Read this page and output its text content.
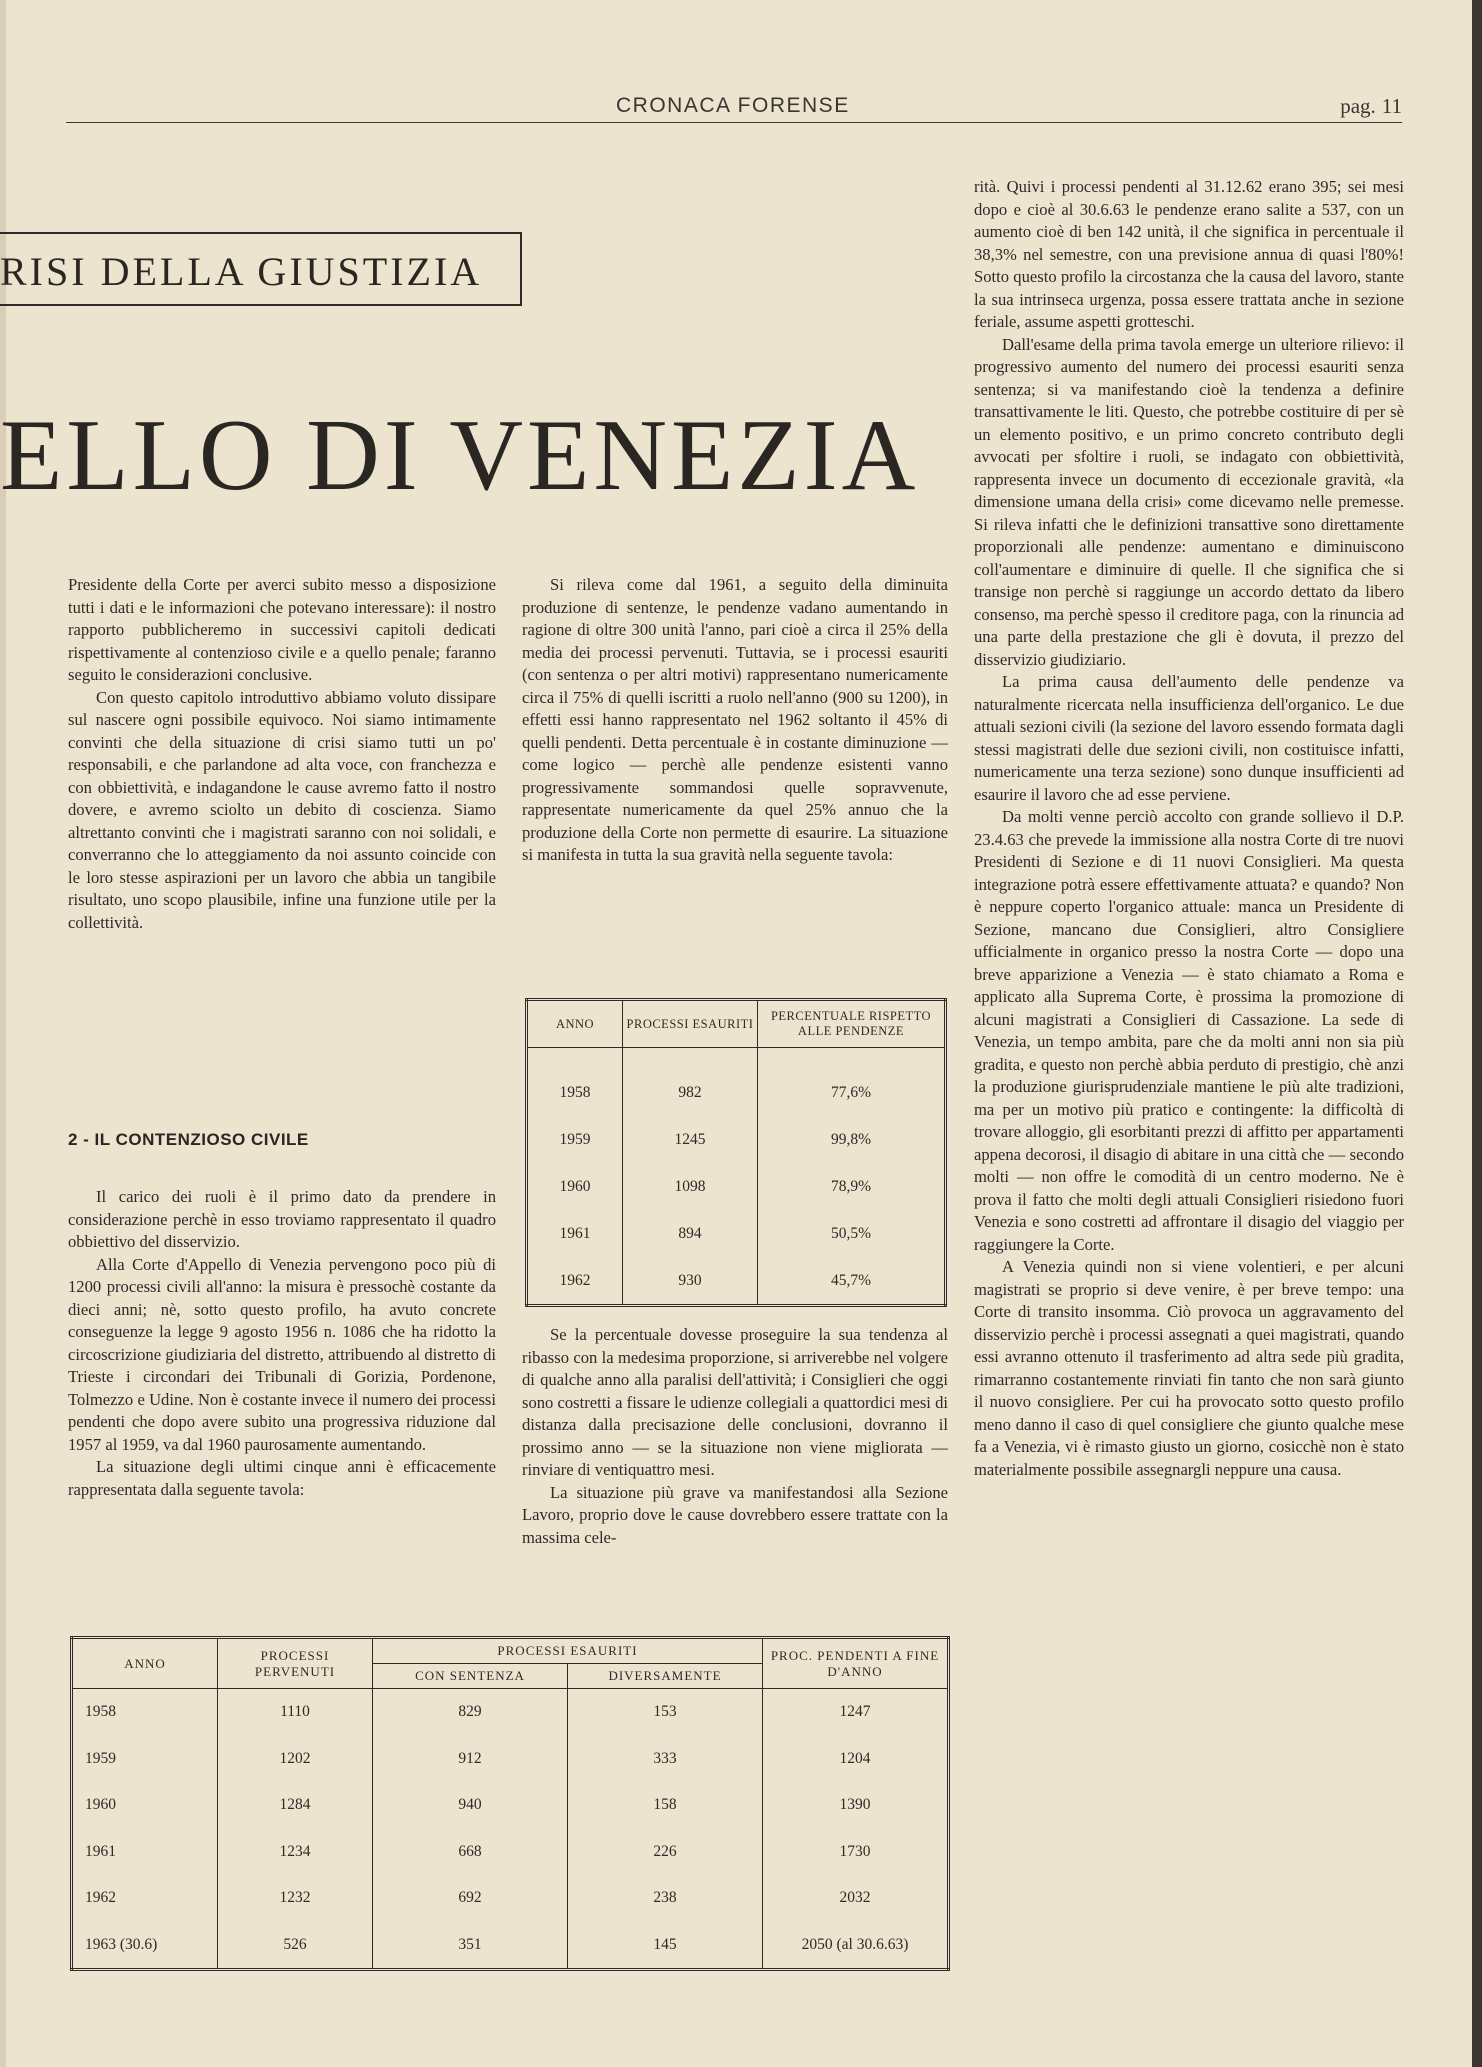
CRONACA FORENSE	pag. 11
RISI DELLA GIUSTIZIA
ELLO DI VENEZIA

Presidente della Corte per averci subito messo a disposizione tutti i dati e le informazioni che potevano interessare): il nostro rapporto pubblicheremo in successivi capitoli dedicati rispettivamente al contenzioso civile e a quello penale; faranno seguito le considerazioni conclusive.

Con questo capitolo introduttivo abbiamo voluto dissipare sul nascere ogni possibile equivoco. Noi siamo intimamente convinti che della situazione di crisi siamo tutti un po' responsabili, e che parlandone ad alta voce, con franchezza e con obbiettività, e indagandone le cause avremo fatto il nostro dovere, e avremo sciolto un debito di coscienza. Siamo altrettanto convinti che i magistrati saranno con noi solidali, e converranno che lo atteggiamento da noi assunto coincide con le loro stesse aspirazioni per un lavoro che abbia un tangibile risultato, uno scopo plausibile, infine una funzione utile per la collettività.

2 - IL CONTENZIOSO CIVILE

Il carico dei ruoli è il primo dato da prendere in considerazione perchè in esso troviamo rappresentato il quadro obbiettivo del disservizio.

Alla Corte d'Appello di Venezia pervengono poco più di 1200 processi civili all'anno: la misura è pressochè costante da dieci anni; nè, sotto questo profilo, ha avuto concrete conseguenze la legge 9 agosto 1956 n. 1086 che ha ridotto la circoscrizione giudiziaria del distretto, attribuendo al distretto di Trieste i circondari dei Tribunali di Gorizia, Pordenone, Tolmezzo e Udine. Non è costante invece il numero dei processi pendenti che dopo avere subito una progressiva riduzione dal 1957 al 1959, va dal 1960 paurosamente aumentando.

La situazione degli ultimi cinque anni è efficacemente rappresentata dalla seguente tavola:

Si rileva come dal 1961, a seguito della diminuita produzione di sentenze, le pendenze vadano aumentando in ragione di oltre 300 unità l'anno, pari cioè a circa il 25% della media dei processi pervenuti. Tuttavia, se i processi esauriti (con sentenza o per altri motivi) rappresentano numericamente circa il 75% di quelli iscritti a ruolo nell'anno (900 su 1200), in effetti essi hanno rappresentato nel 1962 soltanto il 45% di quelli pendenti. Detta percentuale è in costante diminuzione — come logico — perchè alle pendenze esistenti vanno progressivamente sommandosi quelle sopravvenute, rappresentate numericamente da quel 25% annuo che la produzione della Corte non permette di esaurire. La situazione si manifesta in tutta la sua gravità nella seguente tavola:

ANNO	PROCESSI ESAURITI	PERCENTUALE RISPETTO ALLE PENDENZE
1958	982	77,6%
1959	1245	99,8%
1960	1098	78,9%
1961	894	50,5%
1962	930	45,7%

Se la percentuale dovesse proseguire la sua tendenza al ribasso con la medesima proporzione, si arriverebbe nel volgere di qualche anno alla paralisi dell'attività; i Consiglieri che oggi sono costretti a fissare le udienze collegiali a quattordici mesi di distanza dalla precisazione delle conclusioni, dovranno il prossimo anno — se la situazione non viene migliorata — rinviare di ventiquattro mesi.

La situazione più grave va manifestandosi alla Sezione Lavoro, proprio dove le cause dovrebbero essere trattate con la massima cele-

rità. Quivi i processi pendenti al 31.12.62 erano 395; sei mesi dopo e cioè al 30.6.63 le pendenze erano salite a 537, con un aumento cioè di ben 142 unità, il che significa in percentuale il 38,3% nel semestre, con una previsione annua di quasi l'80%! Sotto questo profilo la circostanza che la causa del lavoro, stante la sua intrinseca urgenza, possa essere trattata anche in sezione feriale, assume aspetti grotteschi.

Dall'esame della prima tavola emerge un ulteriore rilievo: il progressivo aumento del numero dei processi esauriti senza sentenza; si va manifestando cioè la tendenza a definire transattivamente le liti. Questo, che potrebbe costituire di per sè un elemento positivo, e un primo concreto contributo degli avvocati per sfoltire i ruoli, se indagato con obbiettività, rappresenta invece un documento di eccezionale gravità, «la dimensione umana della crisi» come dicevamo nelle premesse. Si rileva infatti che le definizioni transattive sono direttamente proporzionali alle pendenze: aumentano e diminuiscono coll'aumentare e diminuire di quelle. Il che significa che si transige non perchè si raggiunge un accordo dettato da libero consenso, ma perchè spesso il creditore paga, con la rinuncia ad una parte della prestazione che gli è dovuta, il prezzo del disservizio giudiziario.

La prima causa dell'aumento delle pendenze va naturalmente ricercata nella insufficienza dell'organico. Le due attuali sezioni civili (la sezione del lavoro essendo formata dagli stessi magistrati delle due sezioni civili, non costituisce infatti, numericamente una terza sezione) sono dunque insufficienti ad esaurire il lavoro che ad esse perviene.

Da molti venne perciò accolto con grande sollievo il D.P. 23.4.63 che prevede la immissione alla nostra Corte di tre nuovi Presidenti di Sezione e di 11 nuovi Consiglieri. Ma questa integrazione potrà essere effettivamente attuata? e quando? Non è neppure coperto l'organico attuale: manca un Presidente di Sezione, mancano due Consiglieri, altro Consigliere ufficialmente in organico presso la nostra Corte — dopo una breve apparizione a Venezia — è stato chiamato a Roma e applicato alla Suprema Corte, è prossima la promozione di alcuni magistrati a Consiglieri di Cassazione. La sede di Venezia, un tempo ambita, pare che da molti anni non sia più gradita, e questo non perchè abbia perduto di prestigio, chè anzi la produzione giurisprudenziale mantiene le più alte tradizioni, ma per un motivo più pratico e contingente: la difficoltà di trovare alloggio, gli esorbitanti prezzi di affitto per appartamenti appena decorosi, il disagio di abitare in una città che — secondo molti — non offre le comodità di un centro moderno. Ne è prova il fatto che molti degli attuali Consiglieri risiedono fuori Venezia e sono costretti ad affrontare il disagio del viaggio per raggiungere la Corte.

A Venezia quindi non si viene volentieri, e per alcuni magistrati se proprio si deve venire, è per breve tempo: una Corte di transito insomma. Ciò provoca un aggravamento del disservizio perchè i processi assegnati a quei magistrati, quando essi avranno ottenuto il trasferimento ad altra sede più gradita, rimarranno costantemente rinviati fin tanto che non sarà giunto il nuovo consigliere. Per cui ha provocato sotto questo profilo meno danno il caso di quel consigliere che giunto qualche mese fa a Venezia, vi è rimasto giusto un giorno, cosicchè non è stato materialmente possibile assegnargli neppure una causa.

ANNO	PROCESSI PERVENUTI	PROCESSI ESAURITI		PROC. PENDENTI A FINE D'ANNO
		CON SENTENZA	DIVERSAMENTE	
1958	1110	829	153	1247
1959	1202	912	333	1204
1960	1284	940	158	1390
1961	1234	668	226	1730
1962	1232	692	238	2032
1963 (30.6)	526	351	145	2050 (al 30.6.63)
